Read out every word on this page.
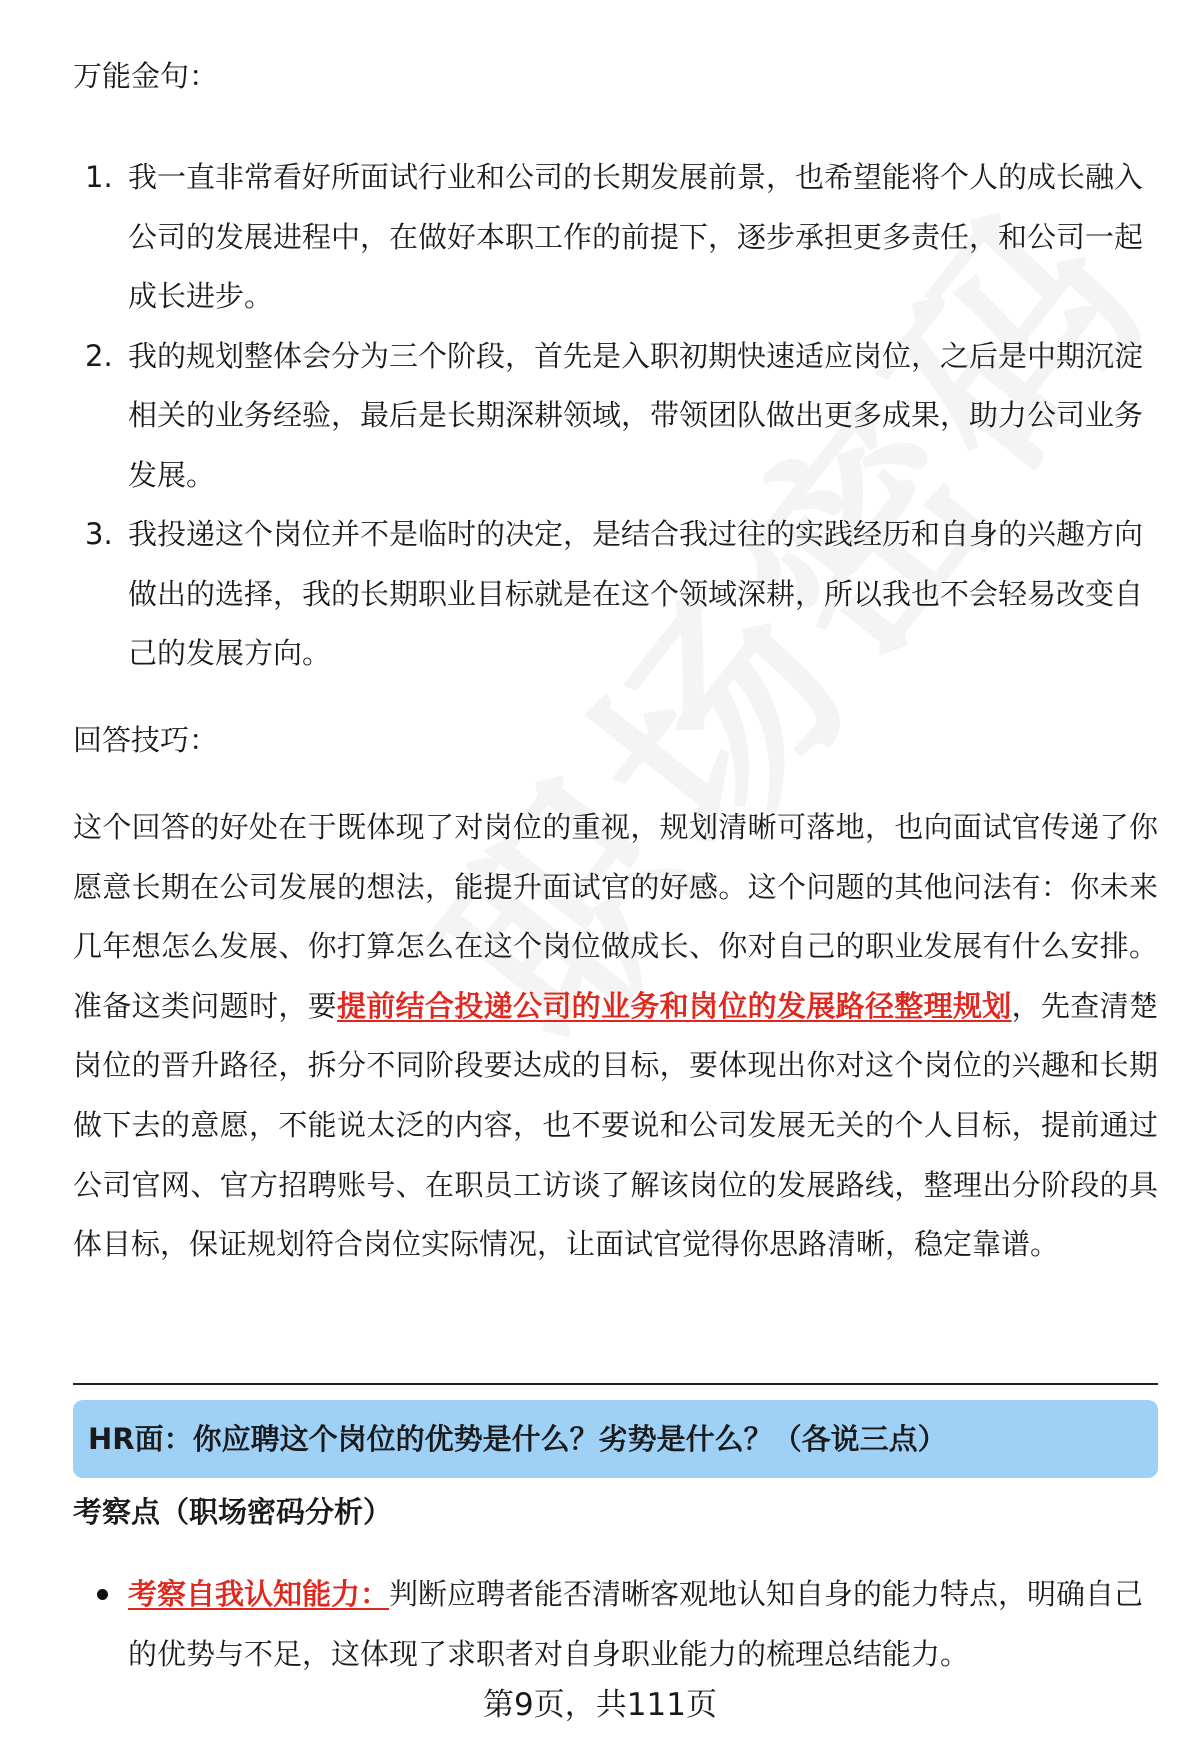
万能金句：
1. 我一直非常看好所面试行业和公司的长期发展前景，也希望能将个人的成长融入公司的发展进程中，在做好本职工作的前提下，逐步承担更多责任，和公司一起成长进步。
2. 我的规划整体会分为三个阶段，首先是入职初期快速适应岗位，之后是中期沉淀相关的业务经验，最后是长期深耕领域，带领团队做出更多成果，助力公司业务发展。
3. 我投递这个岗位并不是临时的决定，是结合我过往的实践经历和自身的兴趣方向做出的选择，我的长期职业目标就是在这个领域深耕，所以我也不会轻易改变自己的发展方向。
回答技巧：

这个回答的好处在于既体现了对岗位的重视，规划清晰可落地，也向面试官传递了你愿意长期在公司发展的想法，能提升面试官的好感。这个问题的其他问法有：你未来几年想怎么发展、你打算怎么在这个岗位做成长、你对自己的职业发展有什么安排。准备这类问题时，要提前结合投递公司的业务和岗位的发展路径整理规划，先查清楚岗位的晋升路径，拆分不同阶段要达成的目标，要体现出你对这个岗位的兴趣和长期做下去的意愿，不能说太泛的内容，也不要说和公司发展无关的个人目标，提前通过公司官网、官方招聘账号、在职员工访谈了解该岗位的发展路线，整理出分阶段的具体目标，保证规划符合岗位实际情况，让面试官觉得你思路清晰，稳定靠谱。

HR面：你应聘这个岗位的优势是什么？劣势是什么？（各说三点）
考察点（职场密码分析）
考察自我认知能力：判断应聘者能否清晰客观地认知自身的能力特点，明确自己的优势与不足，这体现了求职者对自身职业能力的梳理总结能力。
第9页，共111页
